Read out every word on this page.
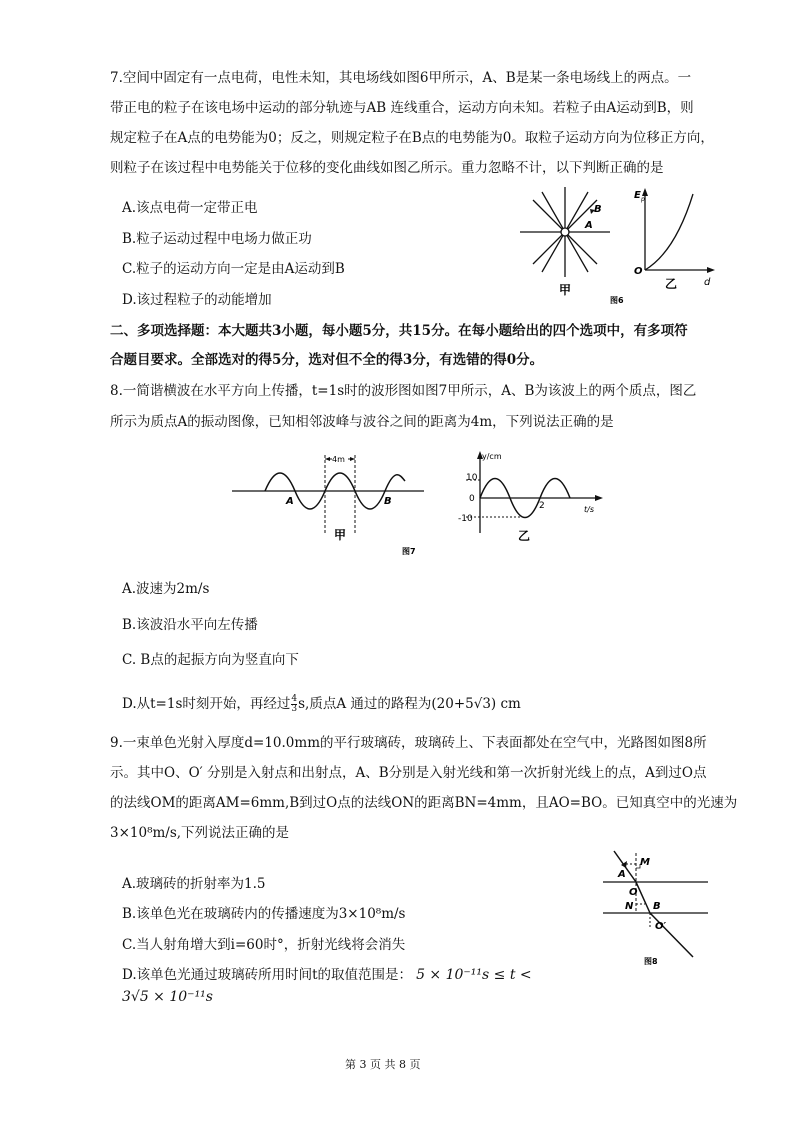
7.空间中固定有一点电荷，电性未知，其电场线如图6甲所示，A、B是某一条电场线上的两点。一
带正电的粒子在该电场中运动的部分轨迹与AB 连线重合，运动方向未知。若粒子由A运动到B，则
规定粒子在A点的电势能为0；反之，则规定粒子在B点的电势能为0。取粒子运动方向为位移正方向，
则粒子在该过程中电势能关于位移的变化曲线如图乙所示。重力忽略不计，以下判断正确的是
A.该点电荷一定带正电
B.粒子运动过程中电场力做正功
C.粒子的运动方向一定是由A运动到B
D.该过程粒子的动能增加
B
A
甲
E p
O
d
乙
图6
二、多项选择题：本大题共3小题，每小题5分，共15分。在每小题给出的四个选项中，有多项符
合题目要求。全部选对的得5分，选对但不全的得3分，有选错的得0分。
8.一简谐横波在水平方向上传播，t=1s时的波形图如图7甲所示，A、B为该波上的两个质点，图乙
所示为质点A的振动图像，已知相邻波峰与波谷之间的距离为4m，下列说法正确的是
4m
A	B
甲
y/cm
10
0
-10
2	t/s
乙
图7
A.波速为2m/s
B.该波沿水平向左传播
C. B点的起振方向为竖直向下
D.从t=1s时刻开始，再经过 $\frac{4}{3} s$,质点A 通过的路程为(20+5√3) cm
9.一束单色光射入厚度d=10.0mm的平行玻璃砖，玻璃砖上、下表面都处在空气中，光路图如图8所
示。其中O、O′ 分别是入射点和出射点，A、B分别是入射光线和第一次折射光线上的点，A到过O点
的法线OM的距离AM=6mm,B到过O点的法线ON的距离BN=4mm，且AO=BO。已知真空中的光速为
3×10⁸m/s,下列说法正确的是
A.玻璃砖的折射率为1.5
B.该单色光在玻璃砖内的传播速度为3×10⁸m/s
C.当人射角增大到i=60时°，折射光线将会消失
D.该单色光通过玻璃砖所用时间t的取值范围是： 5 × 10⁻¹¹s ≤ t <
3√5 × 10⁻¹¹s
M
A
O
N B
O′
图8
第 3 页 共 8 页
